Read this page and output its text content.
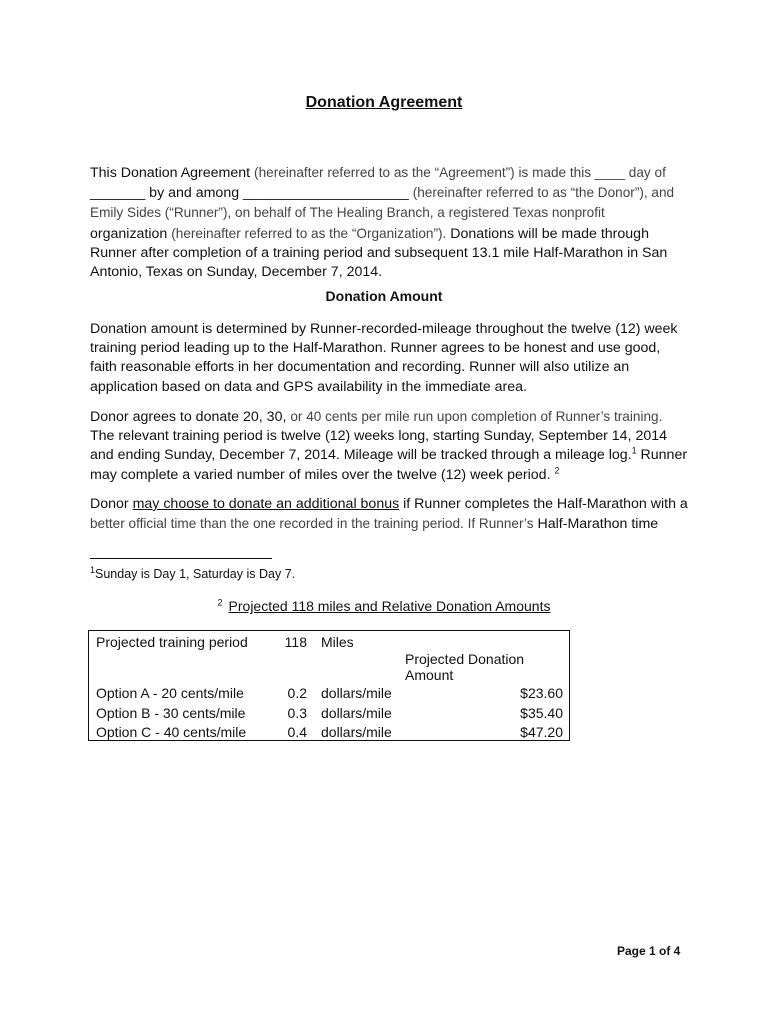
Donation Agreement

This Donation Agreement (hereinafter referred to as the “Agreement”) is made this ____ day of
_______ by and among _____________________ (hereinafter referred to as “the Donor”), and
Emily Sides (“Runner”), on behalf of The Healing Branch, a registered Texas nonprofit
organization (hereinafter referred to as the “Organization”). Donations will be made through Runner after completion of a training period and subsequent 13.1 mile Half-Marathon in San Antonio, Texas on Sunday, December 7, 2014.

Donation Amount

Donation amount is determined by Runner-recorded-mileage throughout the twelve (12) week training period leading up to the Half-Marathon. Runner agrees to be honest and use good, faith reasonable efforts in her documentation and recording. Runner will also utilize an application based on data and GPS availability in the immediate area.

Donor agrees to donate 20, 30, or 40 cents per mile run upon completion of Runner’s training. The relevant training period is twelve (12) weeks long, starting Sunday, September 14, 2014 and ending Sunday, December 7, 2014. Mileage will be tracked through a mileage log.$^1$ Runner may complete a varied number of miles over the twelve (12) week period. $^2$

Donor may choose to donate an additional bonus if Runner completes the Half-Marathon with a better official time than the one recorded in the training period. If Runner’s Half-Marathon time

$^1$Sunday is Day 1, Saturday is Day 7.
$^2$ Projected 118 miles and Relative Donation Amounts
Projected training period	118 Miles
Projected Donation
Amount
Option A - 20 cents/mile	0.2 dollars/mile	$23.60
Option B - 30 cents/mile	0.3 dollars/mile	$35.40
Option C - 40 cents/mile	0.4 dollars/mile	$47.20
Page 1 of 4
